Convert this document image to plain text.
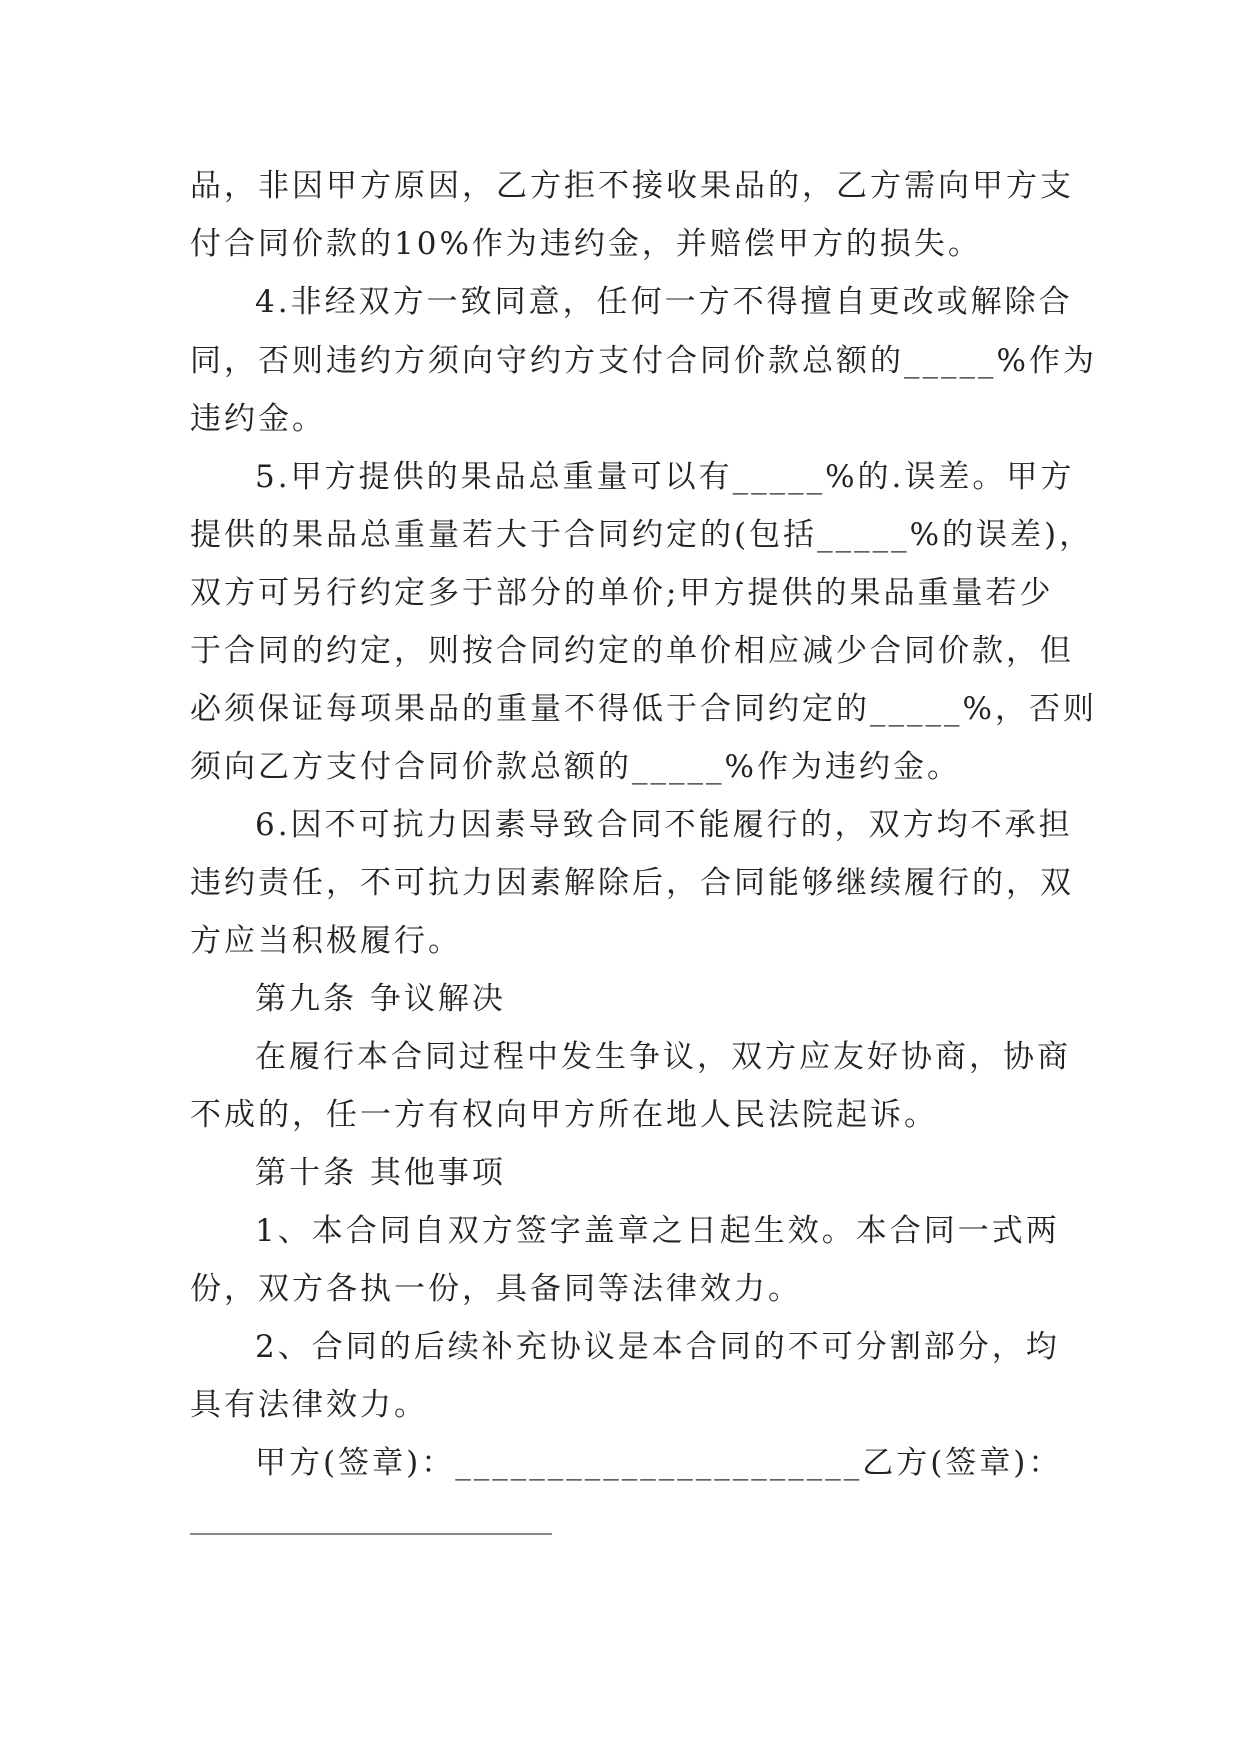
品，非因甲方原因，乙方拒不接收果品的，乙方需向甲方支
付合同价款的10%作为违约金，并赔偿甲方的损失。
4.非经双方一致同意，任何一方不得擅自更改或解除合
同，否则违约方须向守约方支付合同价款总额的_____%作为
违约金。
5.甲方提供的果品总重量可以有_____%的.误差。甲方
提供的果品总重量若大于合同约定的(包括_____%的误差)，
双方可另行约定多于部分的单价;甲方提供的果品重量若少
于合同的约定，则按合同约定的单价相应减少合同价款，但
必须保证每项果品的重量不得低于合同约定的_____%，否则
须向乙方支付合同价款总额的_____%作为违约金。
6.因不可抗力因素导致合同不能履行的，双方均不承担
违约责任，不可抗力因素解除后，合同能够继续履行的，双
方应当积极履行。
第九条 争议解决
在履行本合同过程中发生争议，双方应友好协商，协商
不成的，任一方有权向甲方所在地人民法院起诉。
第十条 其他事项
1、本合同自双方签字盖章之日起生效。本合同一式两
份，双方各执一份，具备同等法律效力。
2、合同的后续补充协议是本合同的不可分割部分，均
具有法律效力。
甲方(签章)：______________________乙方(签章)：
